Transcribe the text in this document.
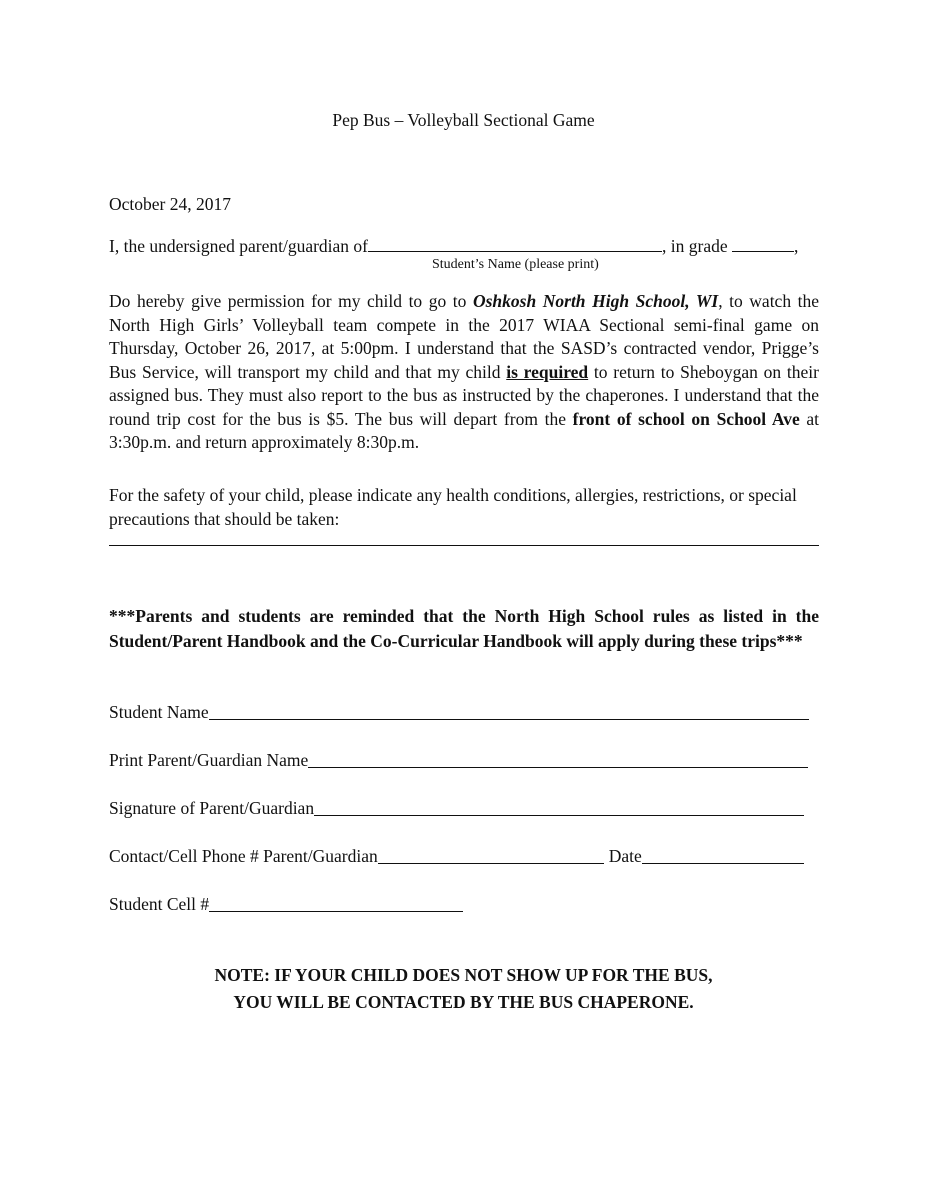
Pep Bus – Volleyball Sectional Game
October 24, 2017
I, the undersigned parent/guardian of	, in grade	,
Student’s Name (please print)
Do hereby give permission for my child to go to Oshkosh North High School, WI, to watch the North High Girls’ Volleyball team compete in the 2017 WIAA Sectional semi-final game on Thursday, October 26, 2017, at 5:00pm. I understand that the SASD’s contracted vendor, Prigge’s Bus Service, will transport my child and that my child is required to return to Sheboygan on their assigned bus. They must also report to the bus as instructed by the chaperones. I understand that the round trip cost for the bus is $5. The bus will depart from the front of school on School Ave at 3:30p.m. and return approximately 8:30p.m.
For the safety of your child, please indicate any health conditions, allergies, restrictions, or special precautions that should be taken:
***Parents and students are reminded that the North High School rules as listed in the Student/Parent Handbook and the Co-Curricular Handbook will apply during these trips***
Student Name
Print Parent/Guardian Name
Signature of Parent/Guardian
Contact/Cell Phone # Parent/Guardian	Date
Student Cell #
NOTE: IF YOUR CHILD DOES NOT SHOW UP FOR THE BUS,
YOU WILL BE CONTACTED BY THE BUS CHAPERONE.
